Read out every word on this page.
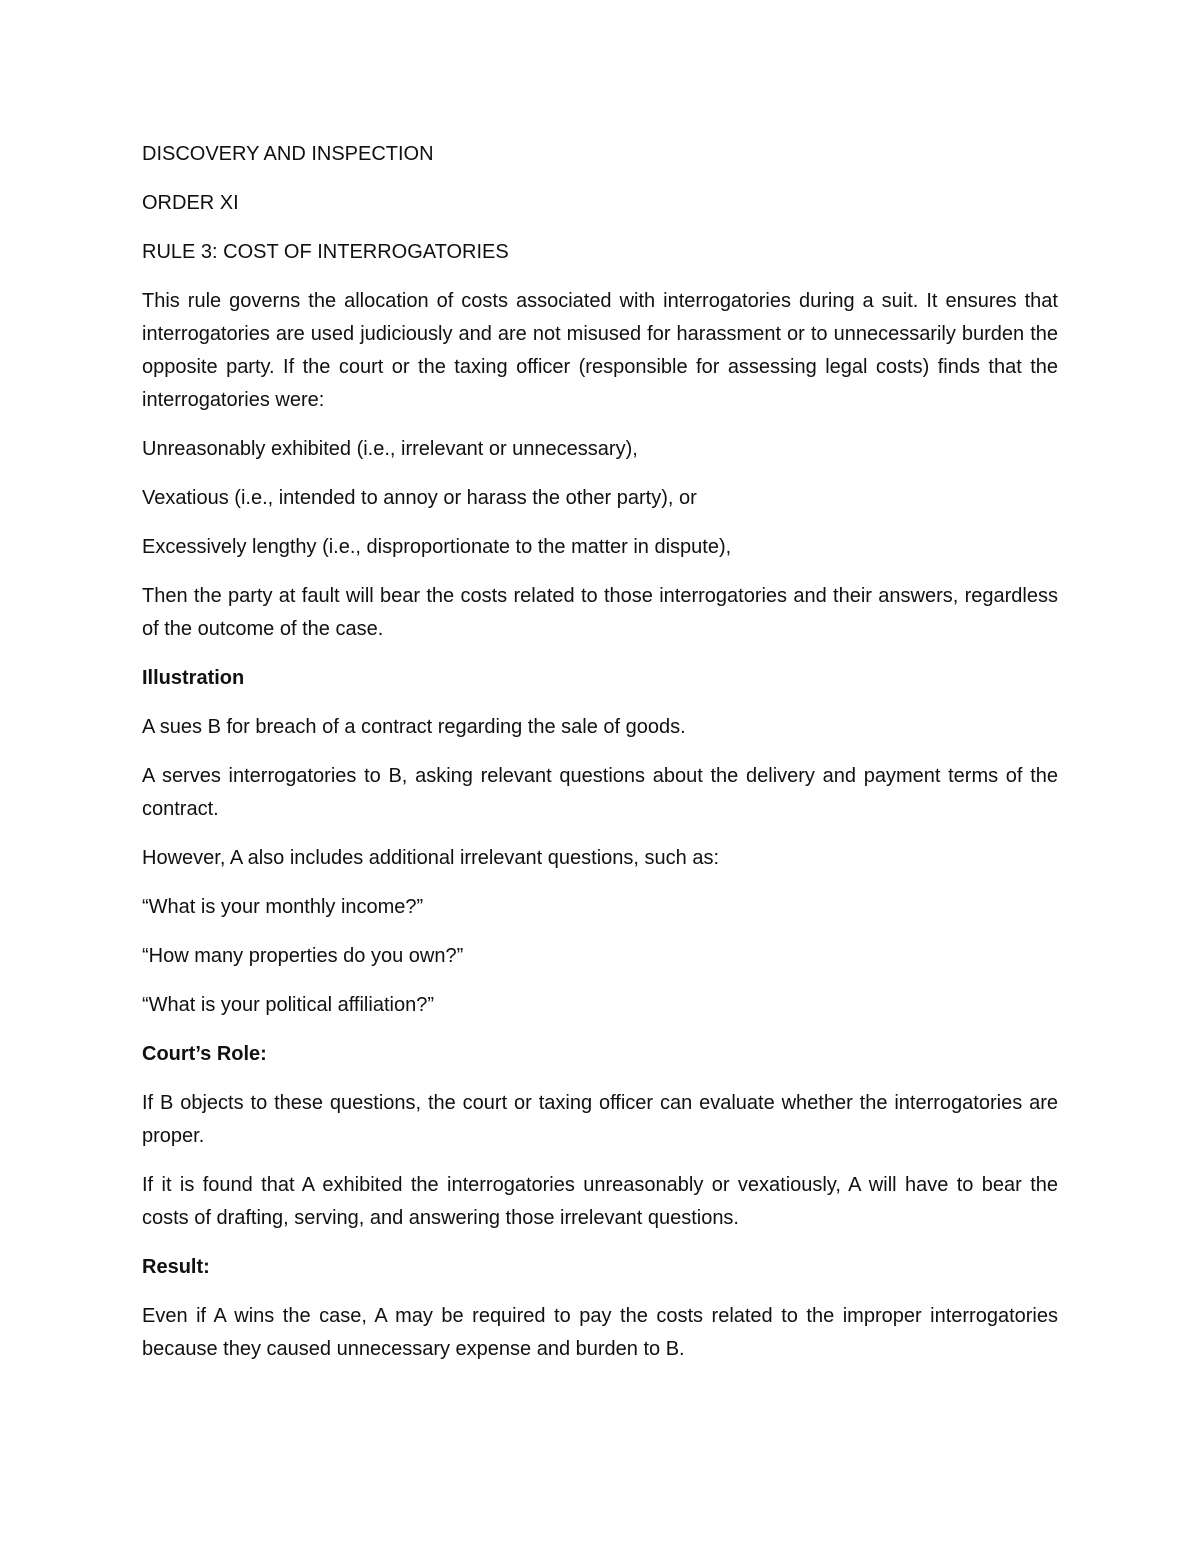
DISCOVERY AND INSPECTION
ORDER XI
RULE 3: COST OF INTERROGATORIES
This rule governs the allocation of costs associated with interrogatories during a suit. It ensures that interrogatories are used judiciously and are not misused for harassment or to unnecessarily burden the opposite party. If the court or the taxing officer (responsible for assessing legal costs) finds that the interrogatories were:
Unreasonably exhibited (i.e., irrelevant or unnecessary),
Vexatious (i.e., intended to annoy or harass the other party), or
Excessively lengthy (i.e., disproportionate to the matter in dispute),
Then the party at fault will bear the costs related to those interrogatories and their answers, regardless of the outcome of the case.
Illustration
A sues B for breach of a contract regarding the sale of goods.
A serves interrogatories to B, asking relevant questions about the delivery and payment terms of the contract.
However, A also includes additional irrelevant questions, such as:
“What is your monthly income?”
“How many properties do you own?”
“What is your political affiliation?”
Court’s Role:
If B objects to these questions, the court or taxing officer can evaluate whether the interrogatories are proper.
If it is found that A exhibited the interrogatories unreasonably or vexatiously, A will have to bear the costs of drafting, serving, and answering those irrelevant questions.
Result:
Even if A wins the case, A may be required to pay the costs related to the improper interrogatories because they caused unnecessary expense and burden to B.
